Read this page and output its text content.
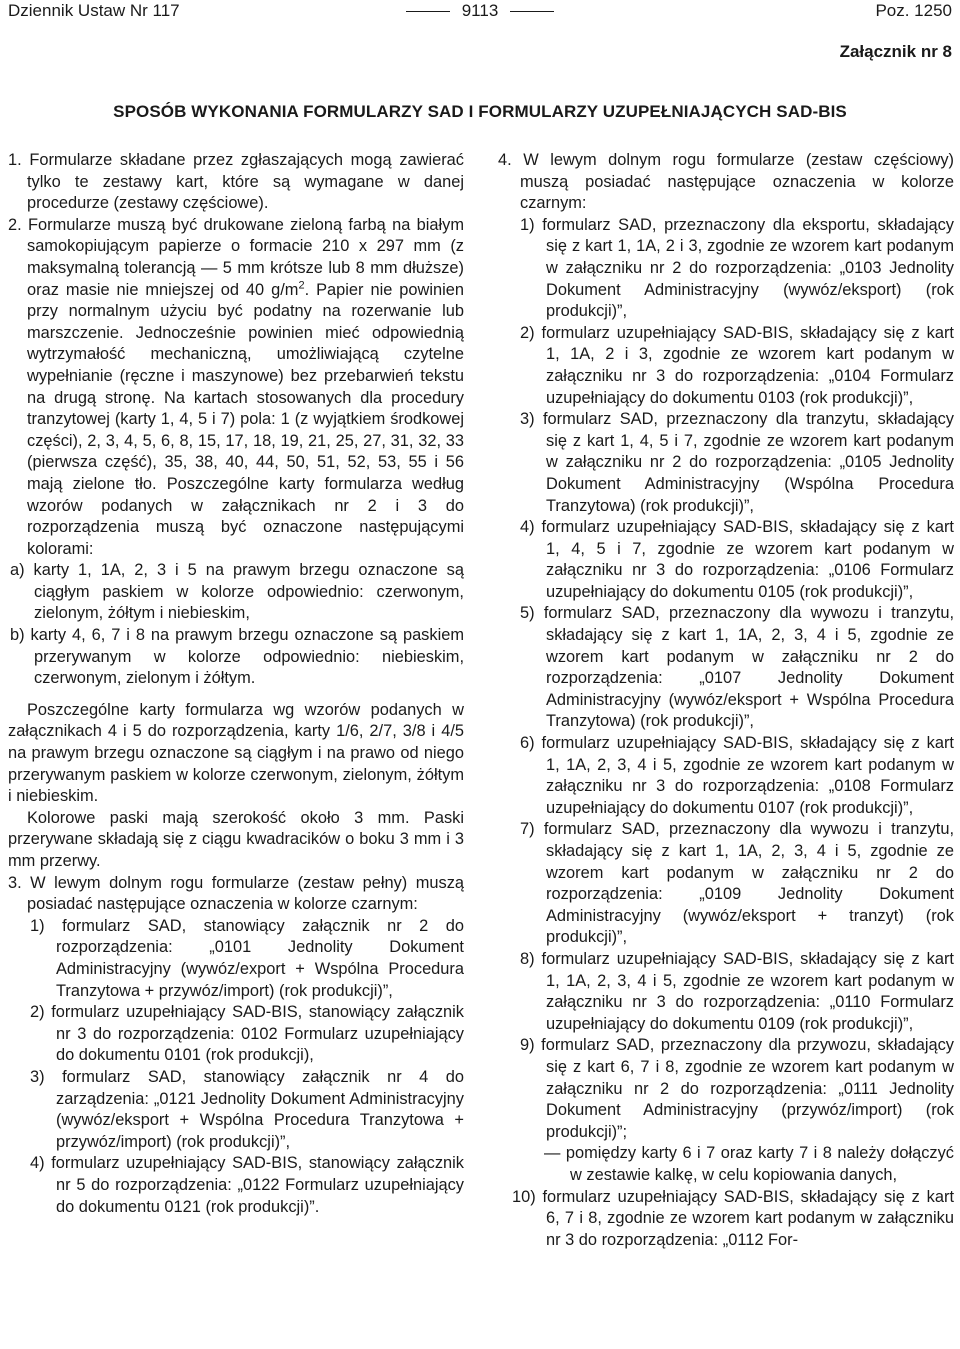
Dziennik Ustaw Nr 117	9113	Poz. 1250
Załącznik nr 8
SPOSÓB WYKONANIA FORMULARZY SAD I FORMULARZY UZUPEŁNIAJĄCYCH SAD-BIS

1. Formularze składane przez zgłaszających mogą zawierać tylko te zestawy kart, które są wymagane w danej procedurze (zestawy częściowe).

2. Formularze muszą być drukowane zieloną farbą na białym samokopiującym papierze o formacie 210 x 297 mm (z maksymalną tolerancją — 5 mm krótsze lub 8 mm dłuższe) oraz masie nie mniejszej od 40 $g/m^2$. Papier nie powinien przy normalnym użyciu być podatny na rozerwanie lub marszczenie. Jednocześnie powinien mieć odpowiednią wytrzymałość mechaniczną, umożliwiającą czytelne wypełnianie (ręczne i maszynowe) bez przebarwień tekstu na drugą stronę. Na kartach stosowanych dla procedury tranzytowej (karty 1, 4, 5 i 7) pola: 1 (z wyjątkiem środkowej części), 2, 3, 4, 5, 6, 8, 15, 17, 18, 19, 21, 25, 27, 31, 32, 33 (pierwsza część), 35, 38, 40, 44, 50, 51, 52, 53, 55 i 56 mają zielone tło. Poszczególne karty formularza według wzorów podanych w załącznikach nr 2 i 3 do rozporządzenia muszą być oznaczone następującymi kolorami:

a) karty 1, 1A, 2, 3 i 5 na prawym brzegu oznaczone są ciągłym paskiem w kolorze odpowiednio: czerwonym, zielonym, żółtym i niebieskim,

b) karty 4, 6, 7 i 8 na prawym brzegu oznaczone są paskiem przerywanym w kolorze odpowiednio: niebieskim, czerwonym, zielonym i żółtym.

Poszczególne karty formularza wg wzorów podanych w załącznikach 4 i 5 do rozporządzenia, karty 1/6, 2/7, 3/8 i 4/5 na prawym brzegu oznaczone są ciągłym i na prawo od niego przerywanym paskiem w kolorze czerwonym, zielonym, żółtym i niebieskim.

Kolorowe paski mają szerokość około 3 mm. Paski przerywane składają się z ciągu kwadracików o boku 3 mm i 3 mm przerwy.

3. W lewym dolnym rogu formularze (zestaw pełny) muszą posiadać następujące oznaczenia w kolorze czarnym:

1) formularz SAD, stanowiący załącznik nr 2 do rozporządzenia: „0101 Jednolity Dokument Administracyjny (wywóz/export + Wspólna Procedura Tranzytowa + przywóz/import) (rok produkcji)”,

2) formularz uzupełniający SAD-BIS, stanowiący załącznik nr 3 do rozporządzenia: 0102 Formularz uzupełniający do dokumentu 0101 (rok produkcji),

3) formularz SAD, stanowiący załącznik nr 4 do zarządzenia: „0121 Jednolity Dokument Administracyjny (wywóz/eksport + Wspólna Procedura Tranzytowa + przywóz/import) (rok produkcji)”,

4) formularz uzupełniający SAD-BIS, stanowiący załącznik nr 5 do rozporządzenia: „0122 Formularz uzupełniający do dokumentu 0121 (rok produkcji)”.

4. W lewym dolnym rogu formularze (zestaw częściowy) muszą posiadać następujące oznaczenia w kolorze czarnym:

1) formularz SAD, przeznaczony dla eksportu, składający się z kart 1, 1A, 2 i 3, zgodnie ze wzorem kart podanym w załączniku nr 2 do rozporządzenia: „0103 Jednolity Dokument Administracyjny (wywóz/eksport) (rok produkcji)”,

2) formularz uzupełniający SAD-BIS, składający się z kart 1, 1A, 2 i 3, zgodnie ze wzorem kart podanym w załączniku nr 3 do rozporządzenia: „0104 Formularz uzupełniający do dokumentu 0103 (rok produkcji)”,

3) formularz SAD, przeznaczony dla tranzytu, składający się z kart 1, 4, 5 i 7, zgodnie ze wzorem kart podanym w załączniku nr 2 do rozporządzenia: „0105 Jednolity Dokument Administracyjny (Wspólna Procedura Tranzytowa) (rok produkcji)”,

4) formularz uzupełniający SAD-BIS, składający się z kart 1, 4, 5 i 7, zgodnie ze wzorem kart podanym w załączniku nr 3 do rozporządzenia: „0106 Formularz uzupełniający do dokumentu 0105 (rok produkcji)”,

5) formularz SAD, przeznaczony dla wywozu i tranzytu, składający się z kart 1, 1A, 2, 3, 4 i 5, zgodnie ze wzorem kart podanym w załączniku nr 2 do rozporządzenia: „0107 Jednolity Dokument Administracyjny (wywóz/eksport + Wspólna Procedura Tranzytowa) (rok produkcji)”,

6) formularz uzupełniający SAD-BIS, składający się z kart 1, 1A, 2, 3, 4 i 5, zgodnie ze wzorem kart podanym w załączniku nr 3 do rozporządzenia: „0108 Formularz uzupełniający do dokumentu 0107 (rok produkcji)”,

7) formularz SAD, przeznaczony dla wywozu i tranzytu, składający się z kart 1, 1A, 2, 3, 4 i 5, zgodnie ze wzorem kart podanym w załączniku nr 2 do rozporządzenia: „0109 Jednolity Dokument Administracyjny (wywóz/eksport + tranzyt) (rok produkcji)”,

8) formularz uzupełniający SAD-BIS, składający się z kart 1, 1A, 2, 3, 4 i 5, zgodnie ze wzorem kart podanym w załączniku nr 3 do rozporządzenia: „0110 Formularz uzupełniający do dokumentu 0109 (rok produkcji)”,

9) formularz SAD, przeznaczony dla przywozu, składający się z kart 6, 7 i 8, zgodnie ze wzorem kart podanym w załączniku nr 2 do rozporządzenia: „0111 Jednolity Dokument Administracyjny (przywóz/import) (rok produkcji)”;

— pomiędzy karty 6 i 7 oraz karty 7 i 8 należy dołączyć w zestawie kalkę, w celu kopiowania danych,

10) formularz uzupełniający SAD-BIS, składający się z kart 6, 7 i 8, zgodnie ze wzorem kart podanym w załączniku nr 3 do rozporządzenia: „0112 For-
